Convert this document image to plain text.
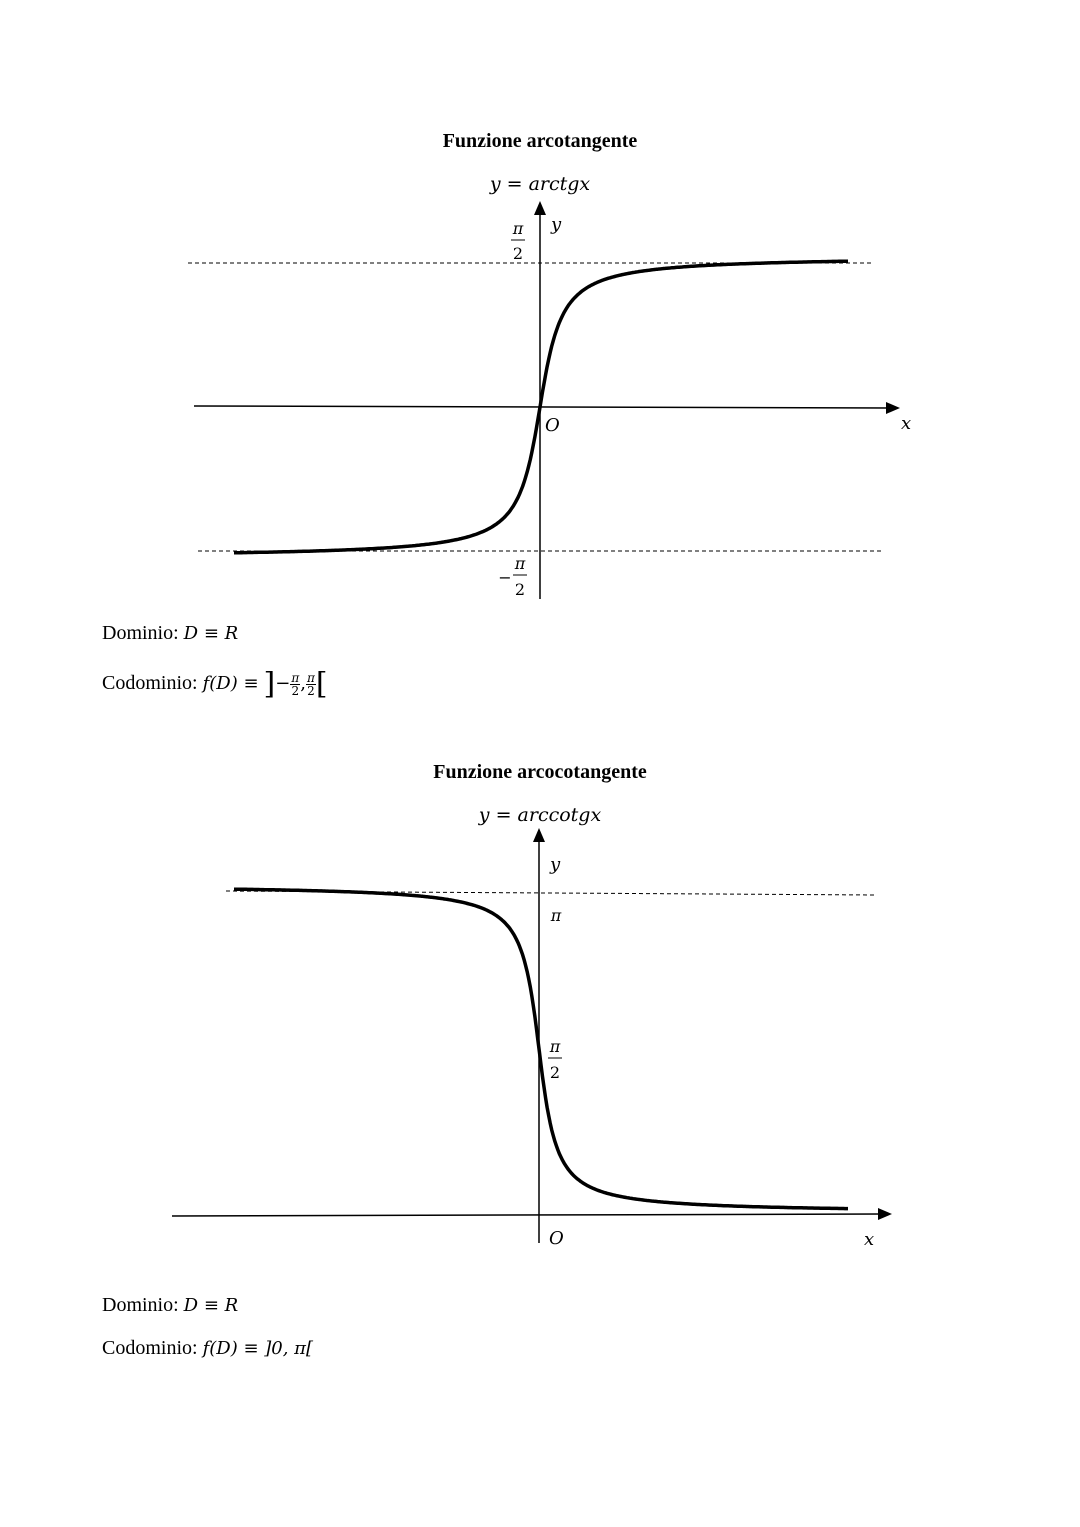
Funzione arcotangente
y = arctgx
y
x
O
π
2
−
π
2
Dominio: D ≡ R
Codominio: f(D) ≡ ]− $\frac{\pi}{2}$ , $\frac{\pi}{2}$ [
Funzione arcocotangente
y = arccotgx
y
x
O
π
π
2
Dominio: D ≡ R
Codominio: f(D) ≡ ]0, π[
